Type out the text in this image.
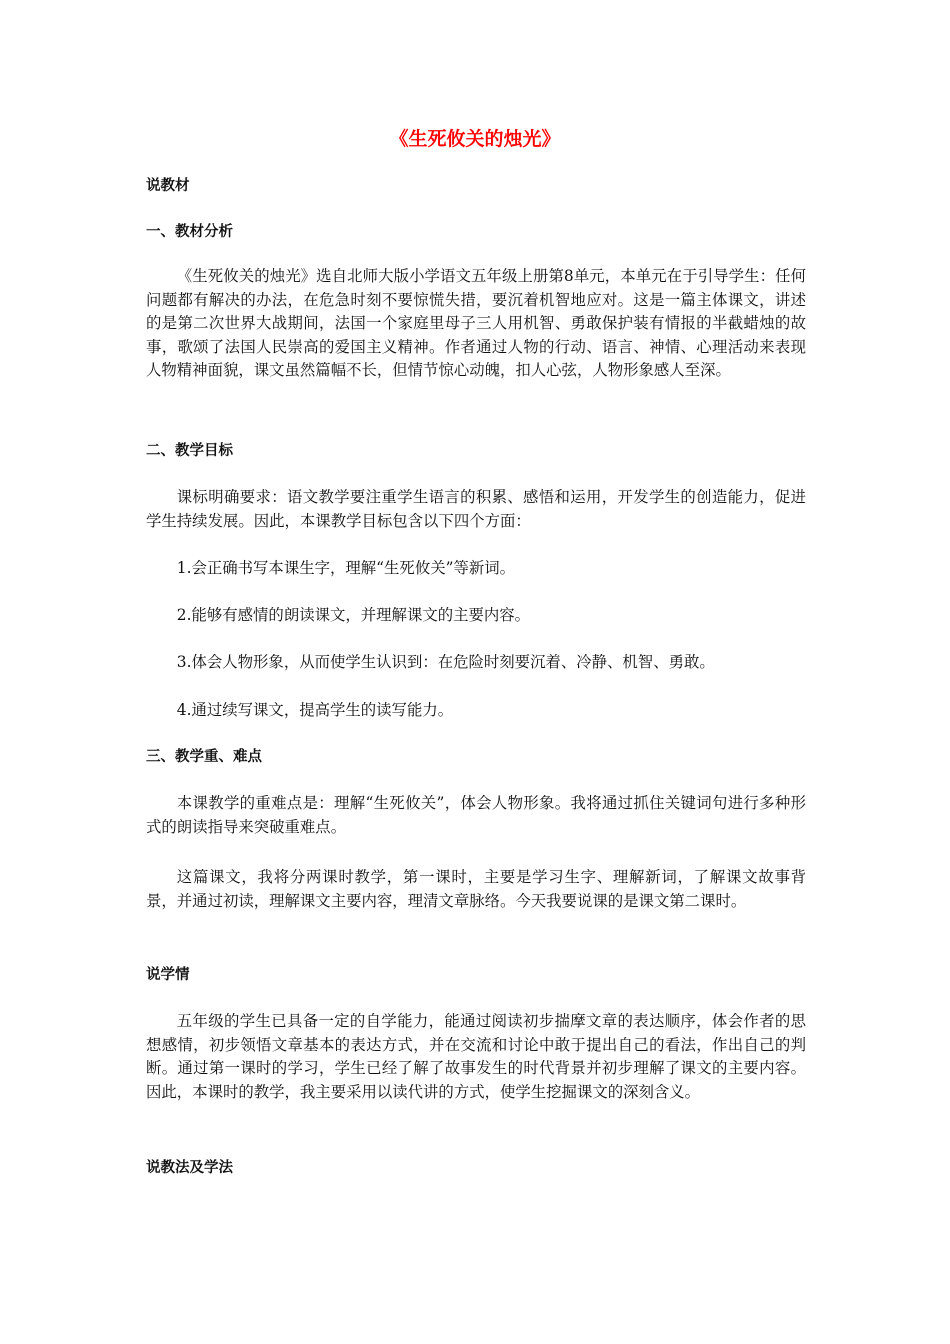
《生死攸关的烛光》
说教材
一、教材分析

《生死攸关的烛光》选自北师大版小学语文五年级上册第8单元，本单元在于引导学生：任何问题都有解决的办法，在危急时刻不要惊慌失措，要沉着机智地应对。这是一篇主体课文，讲述的是第二次世界大战期间，法国一个家庭里母子三人用机智、勇敢保护装有情报的半截蜡烛的故事，歌颂了法国人民崇高的爱国主义精神。作者通过人物的行动、语言、神情、心理活动来表现人物精神面貌，课文虽然篇幅不长，但情节惊心动魄，扣人心弦，人物形象感人至深。

二、教学目标

课标明确要求：语文教学要注重学生语言的积累、感悟和运用，开发学生的创造能力，促进学生持续发展。因此，本课教学目标包含以下四个方面：

1.会正确书写本课生字，理解“生死攸关”等新词。

2.能够有感情的朗读课文，并理解课文的主要内容。

3.体会人物形象，从而使学生认识到：在危险时刻要沉着、冷静、机智、勇敢。

4.通过续写课文，提高学生的读写能力。

三、教学重、难点

本课教学的重难点是：理解“生死攸关”，体会人物形象。我将通过抓住关键词句进行多种形式的朗读指导来突破重难点。

这篇课文，我将分两课时教学，第一课时，主要是学习生字、理解新词，了解课文故事背景，并通过初读，理解课文主要内容，理清文章脉络。今天我要说课的是课文第二课时。

说学情

五年级的学生已具备一定的自学能力，能通过阅读初步揣摩文章的表达顺序，体会作者的思想感情，初步领悟文章基本的表达方式，并在交流和讨论中敢于提出自己的看法，作出自己的判断。通过第一课时的学习，学生已经了解了故事发生的时代背景并初步理解了课文的主要内容。因此，本课时的教学，我主要采用以读代讲的方式，使学生挖掘课文的深刻含义。

说教法及学法
